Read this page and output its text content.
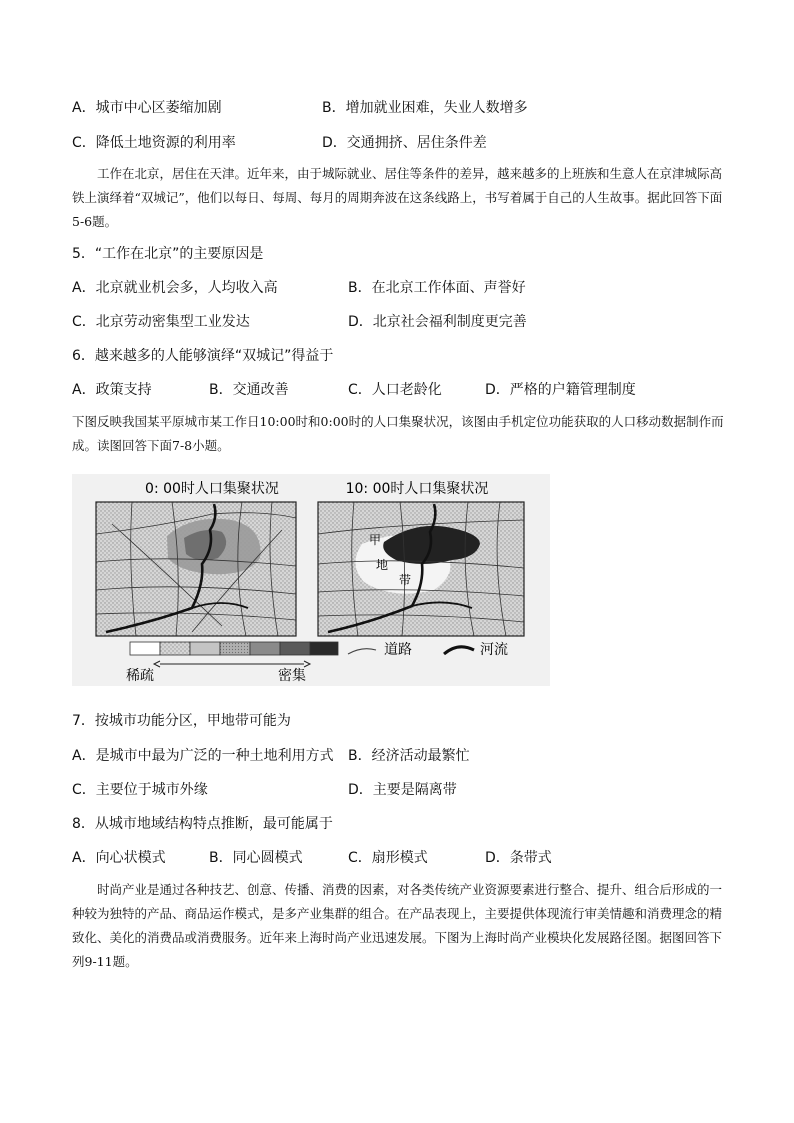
A．城市中心区萎缩加剧	B．增加就业困难，失业人数增多
C．降低土地资源的利用率	D．交通拥挤、居住条件差
工作在北京，居住在天津。近年来，由于城际就业、居住等条件的差异，越来越多的上班族和生意人在京津城际高铁上演绎着“双城记”，他们以每日、每周、每月的周期奔波在这条线路上，书写着属于自己的人生故事。据此回答下面5-6题。
5．“工作在北京”的主要原因是
A．北京就业机会多，人均收入高	B．在北京工作体面、声誉好
C．北京劳动密集型工业发达	D．北京社会福利制度更完善
6．越来越多的人能够演绎“双城记”得益于
A．政策支持	B．交通改善	C．人口老龄化	D．严格的户籍管理制度
下图反映我国某平原城市某工作日10:00时和0:00时的人口集聚状况，该图由手机定位功能获取的人口移动数据制作而成。读图回答下面7-8小题。
0: 00时人口集聚状况	10: 00时人口集聚状况
甲
地
带
稀疏	密集
道路	河流
7．按城市功能分区，甲地带可能为
A．是城市中最为广泛的一种土地利用方式 B．经济活动最繁忙
C．主要位于城市外缘	D．主要是隔离带
8．从城市地域结构特点推断，最可能属于
A．向心状模式	B．同心圆模式	C．扇形模式	D．条带式
时尚产业是通过各种技艺、创意、传播、消费的因素，对各类传统产业资源要素进行整合、提升、组合后形成的一种较为独特的产品、商品运作模式，是多产业集群的组合。在产品表现上，主要提供体现流行审美情趣和消费理念的精致化、美化的消费品或消费服务。近年来上海时尚产业迅速发展。下图为上海时尚产业模块化发展路径图。据图回答下列9-11题。
